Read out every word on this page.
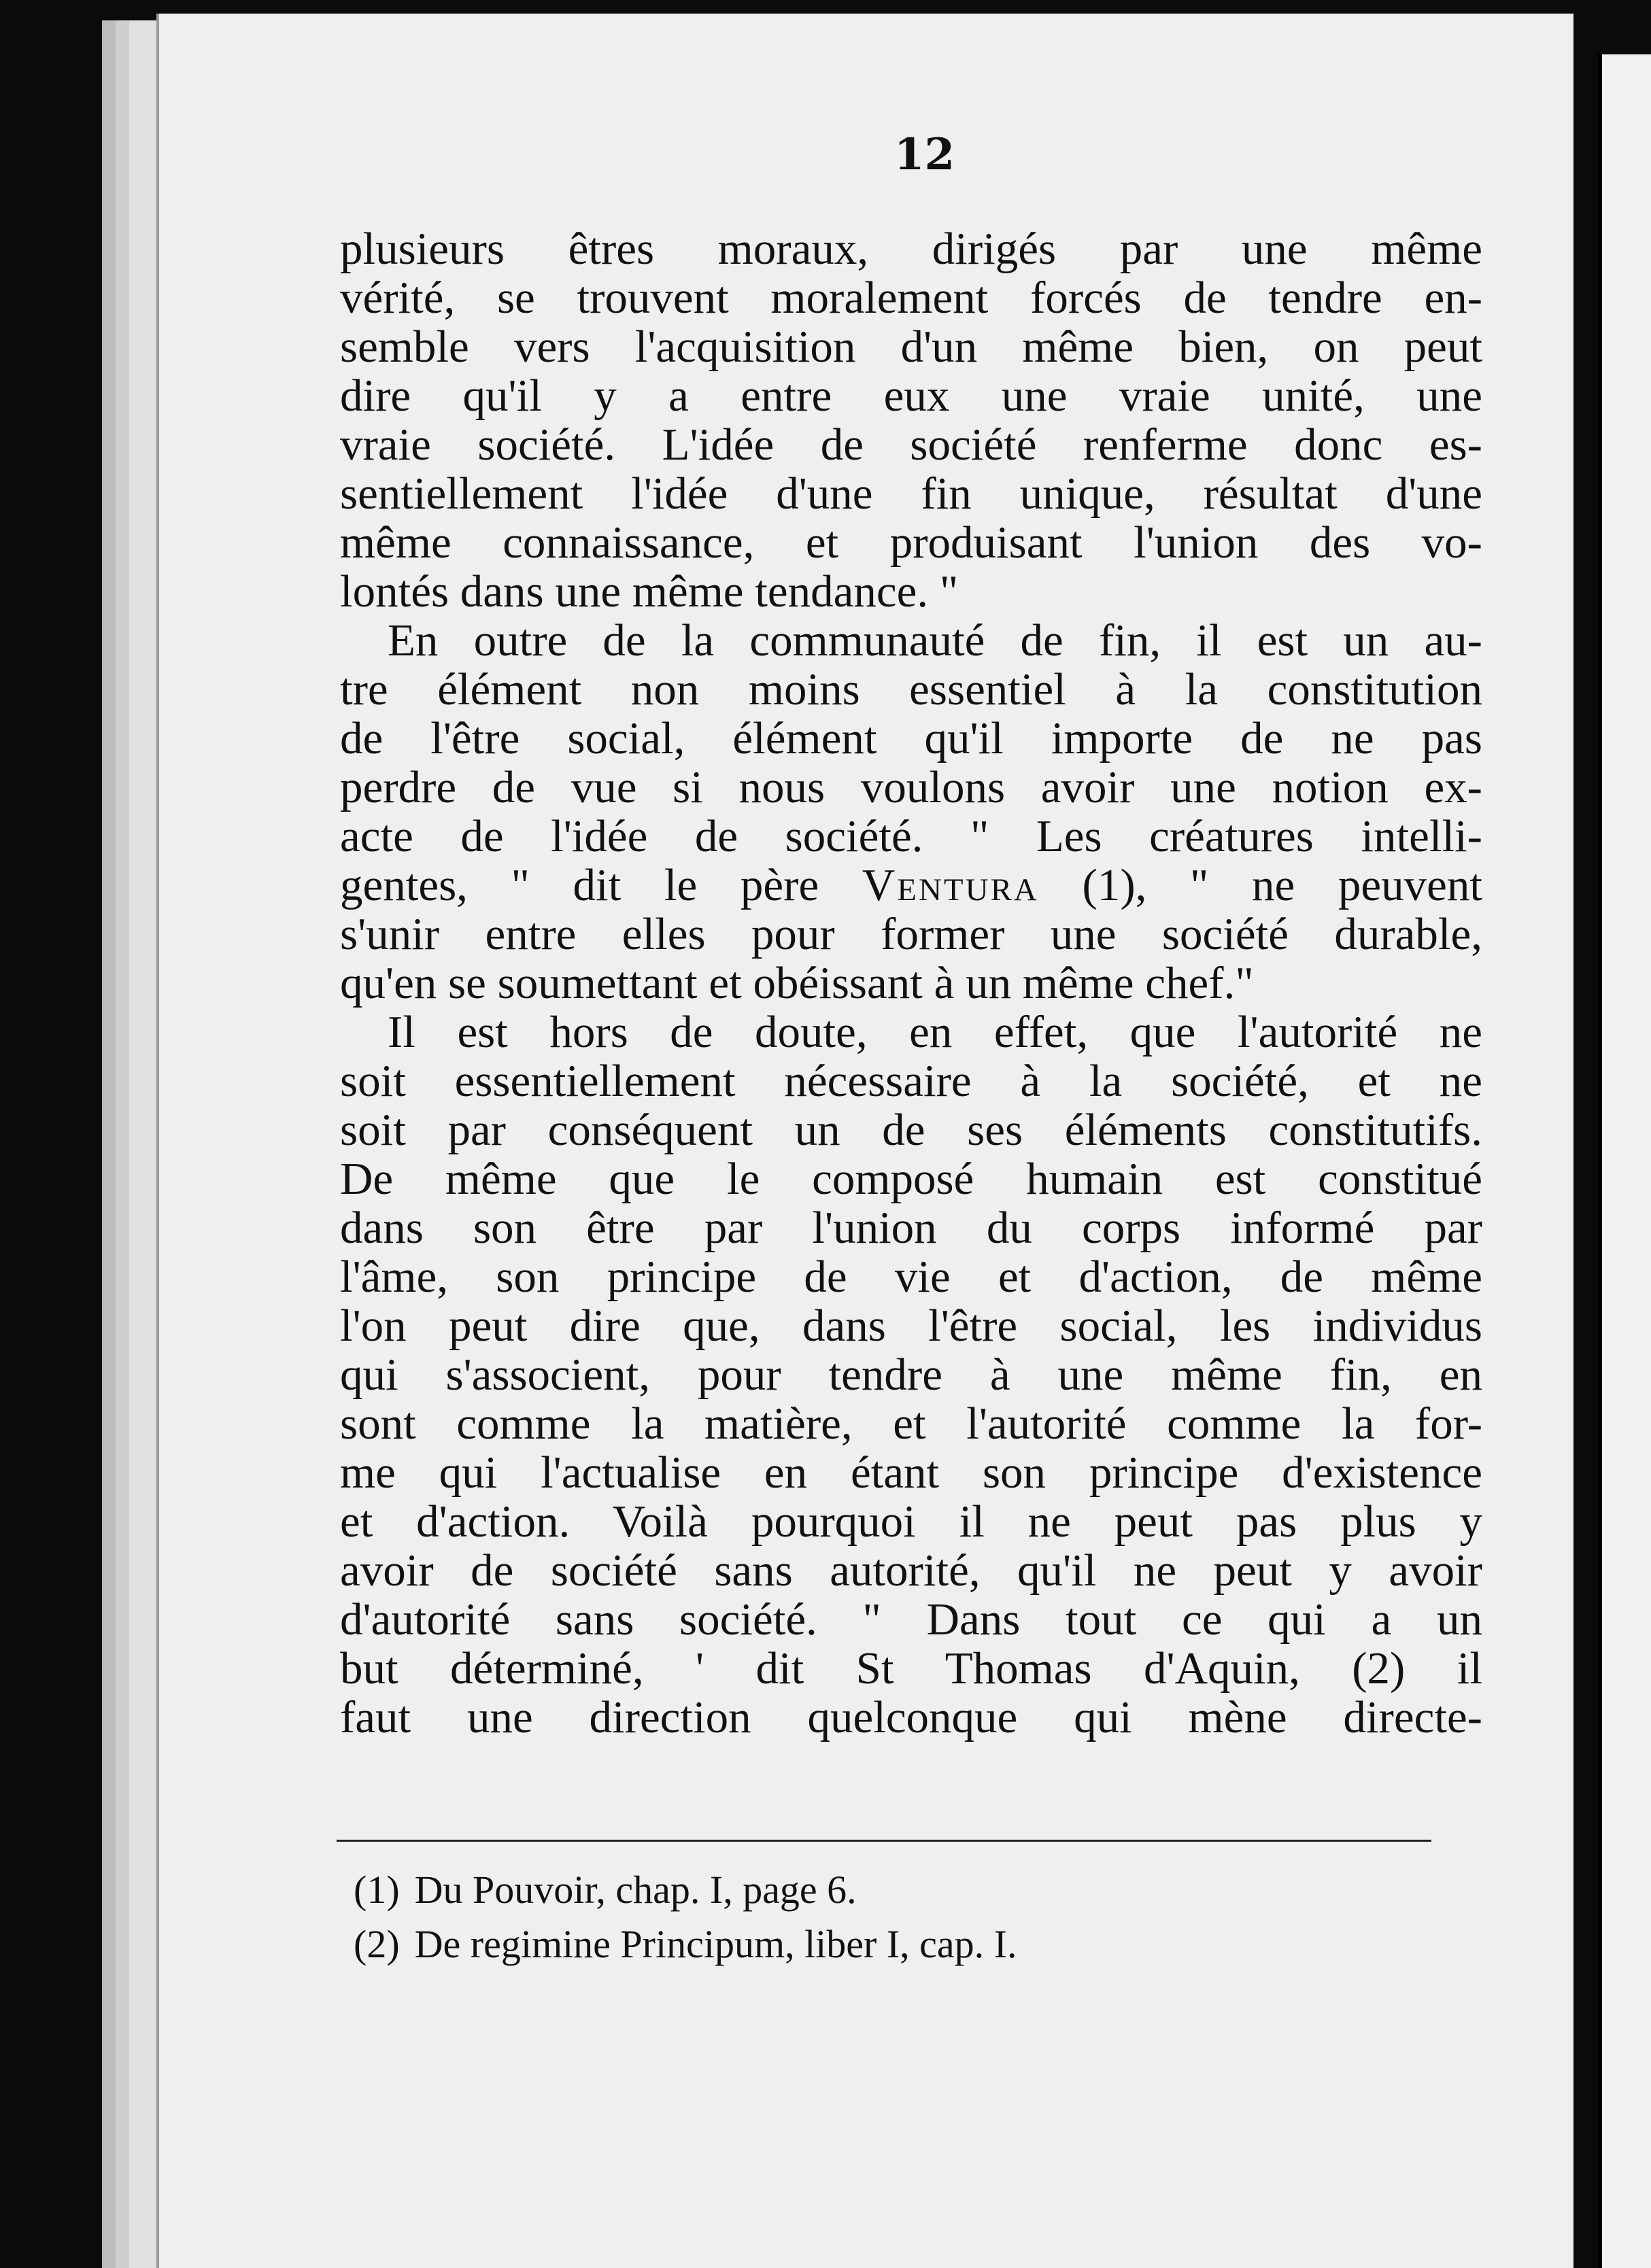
12
plusieurs êtres moraux, dirigés par une même
vérité, se trouvent moralement forcés de tendre en-
semble vers l'acquisition d'un même bien, on peut
dire qu'il y a entre eux une vraie unité, une
vraie société. L'idée de société renferme donc es-
sentiellement l'idée d'une fin unique, résultat d'une
même connaissance, et produisant l'union des vo-
lontés dans une même tendance. "
En outre de la communauté de fin, il est un au-
tre élément non moins essentiel à la constitution
de l'être social, élément qu'il importe de ne pas
perdre de vue si nous voulons avoir une notion ex-
acte de l'idée de société. " Les créatures intelli-
gentes, " dit le père Ventura (1), " ne peuvent
s'unir entre elles pour former une société durable,
qu'en se soumettant et obéissant à un même chef."
Il est hors de doute, en effet, que l'autorité ne
soit essentiellement nécessaire à la société, et ne
soit par conséquent un de ses éléments constitutifs.
De même que le composé humain est constitué
dans son être par l'union du corps informé par
l'âme, son principe de vie et d'action, de même
l'on peut dire que, dans l'être social, les individus
qui s'associent, pour tendre à une même fin, en
sont comme la matière, et l'autorité comme la for-
me qui l'actualise en étant son principe d'existence
et d'action. Voilà pourquoi il ne peut pas plus y
avoir de société sans autorité, qu'il ne peut y avoir
d'autorité sans société. " Dans tout ce qui a un
but déterminé, ' dit St Thomas d'Aquin, (2) il
faut une direction quelconque qui mène directe-
(1) Du Pouvoir, chap. I, page 6.
(2) De regimine Principum, liber I, cap. I.
